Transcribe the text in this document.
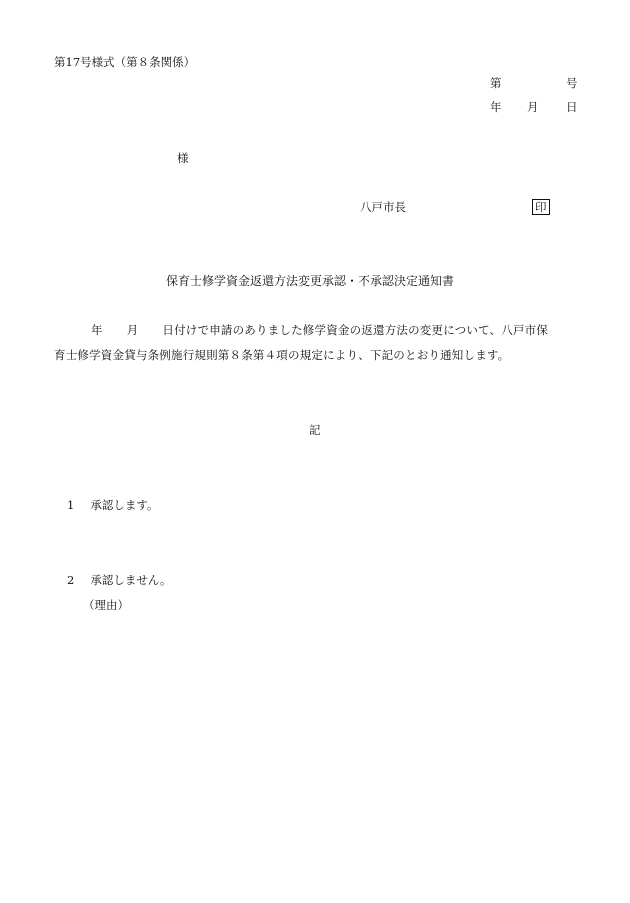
第17号様式（第８条関係）
第	号
年 月 日
様
八戸市長	印
保育士修学資金返還方法変更承認・不承認決定通知書
年 月 日付けで申請のありました修学資金の返還方法の変更について、八戸市保
育士修学資金貸与条例施行規則第８条第４項の規定により、下記のとおり通知します。
記
1 承認します。
2 承認しません。
（理由）
